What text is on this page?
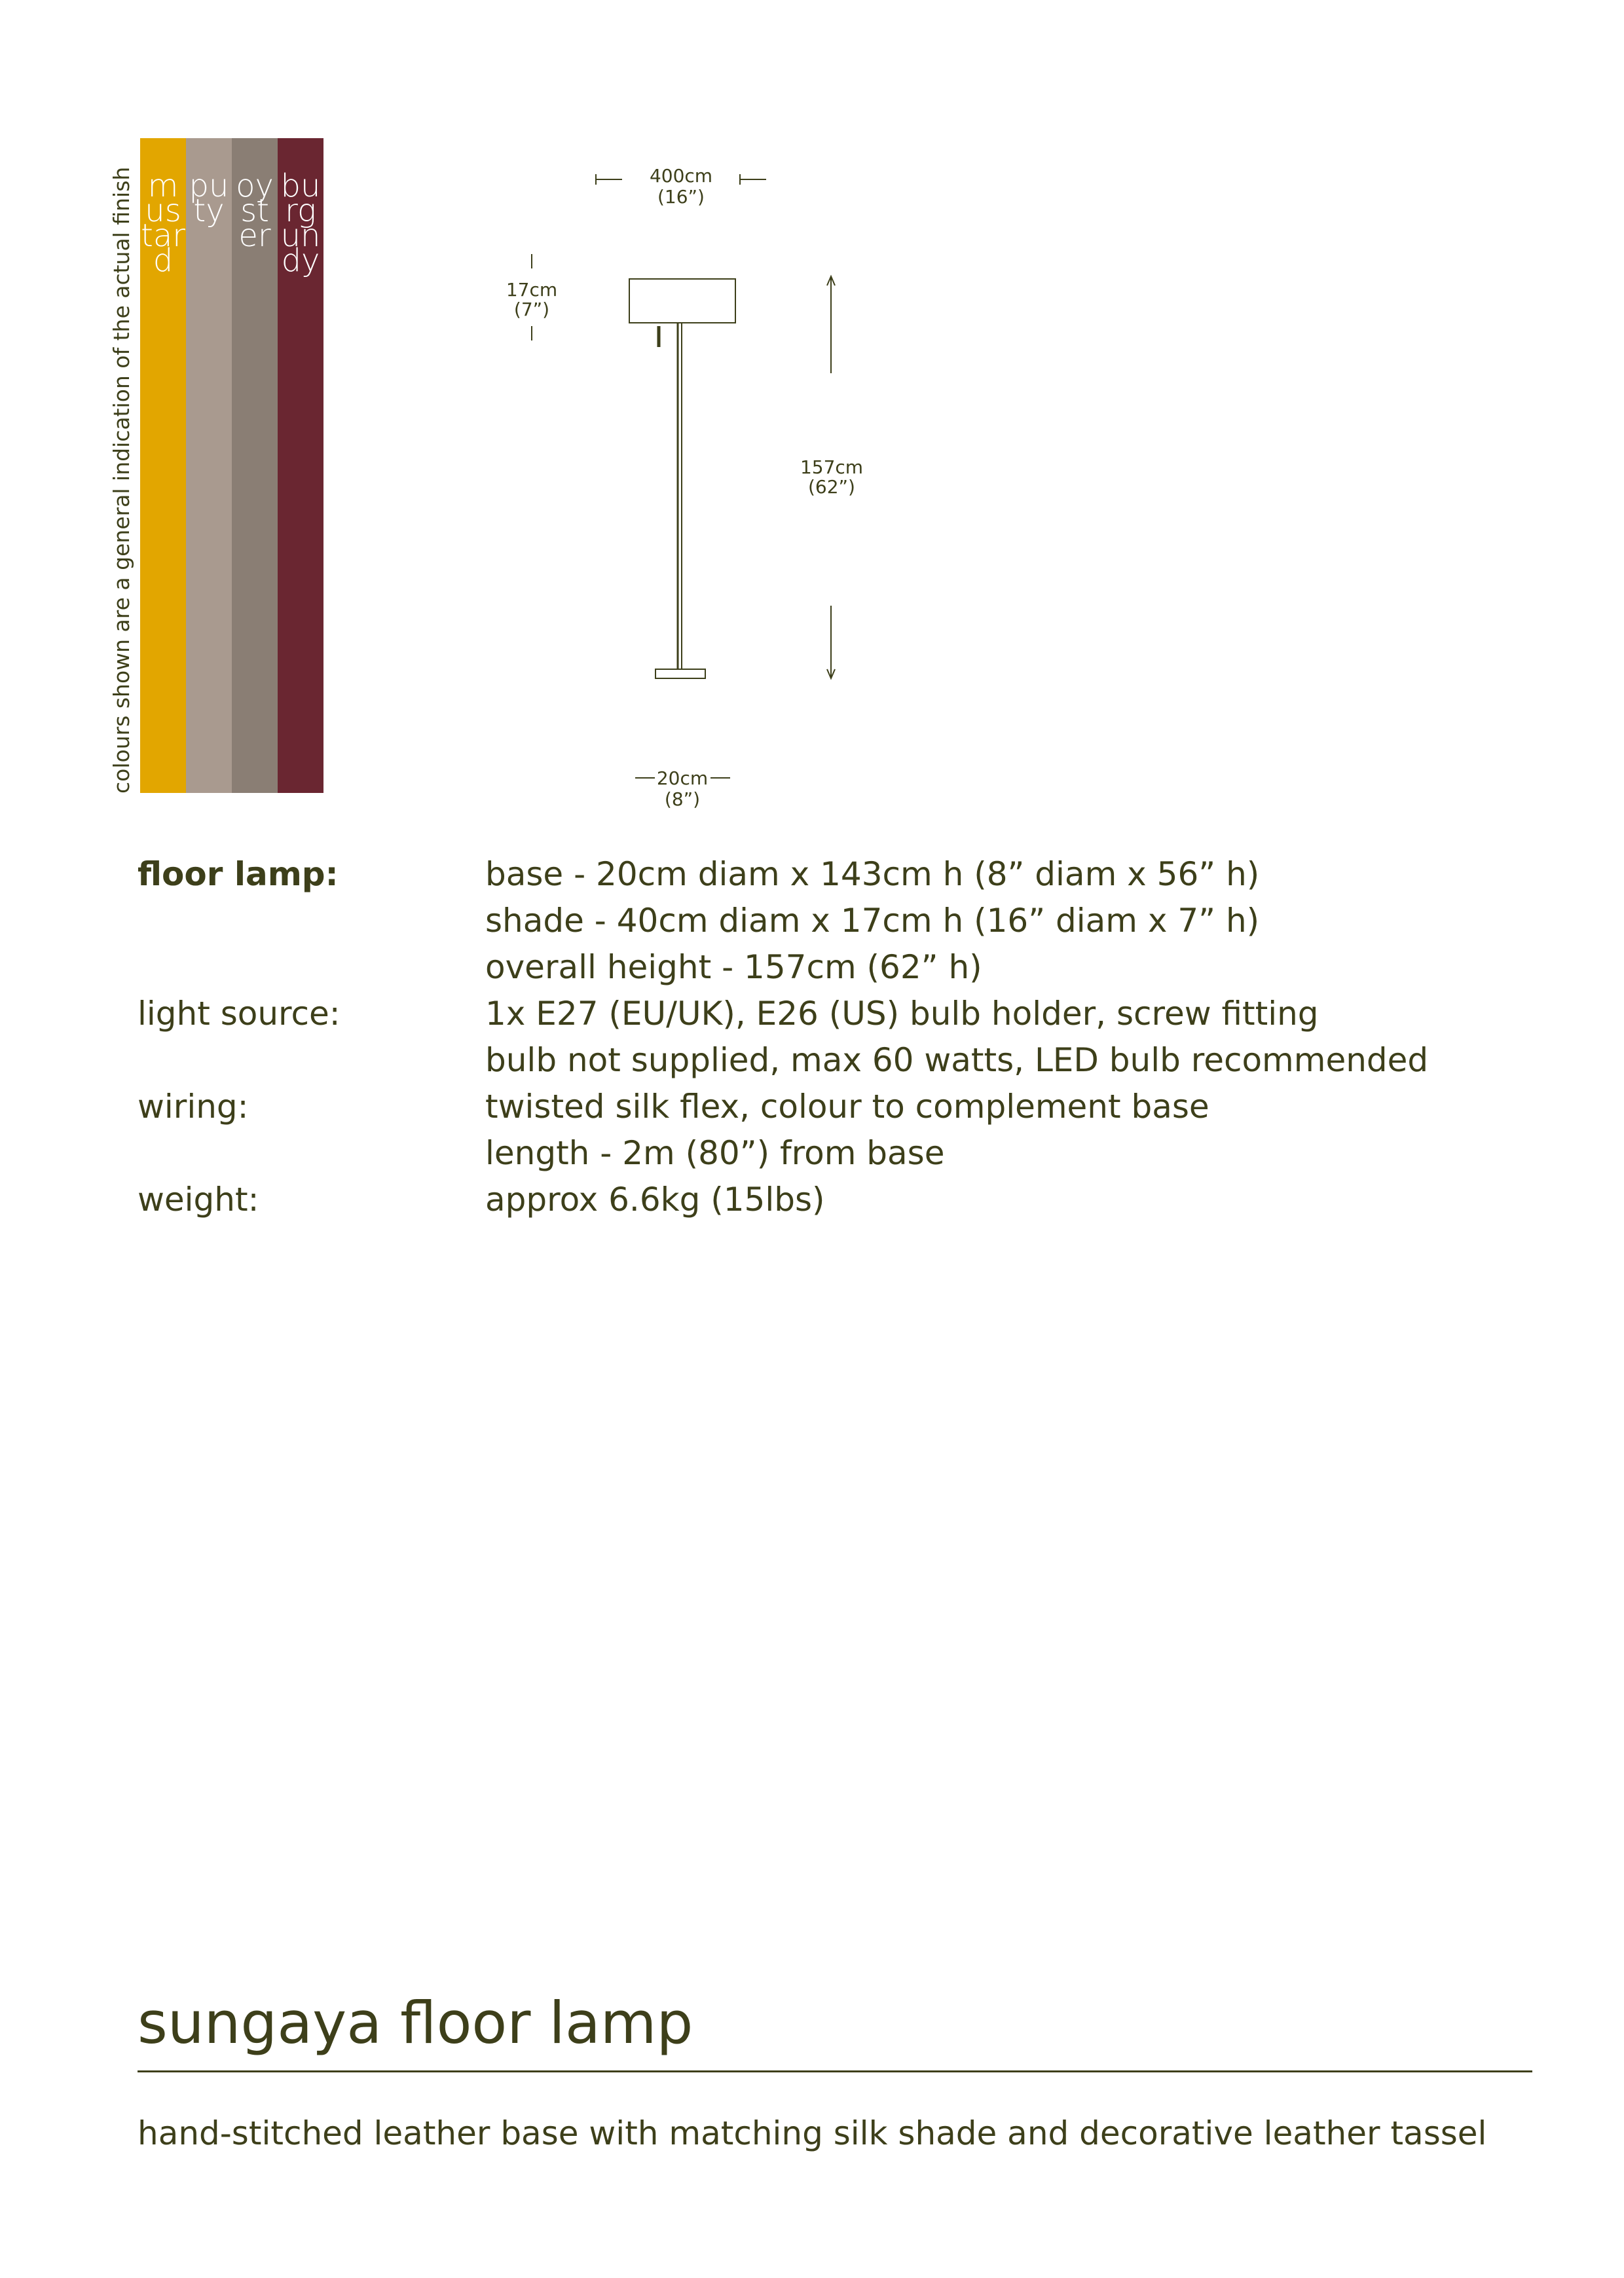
mustard
puty
oyster
burgundy
colours shown are a general indication of the actual finish	400cm
(16”)
17cm
(7”)
157cm
(62”)
20cm
(8”)
floor lamp:	base - 20cm diam x 143cm h (8” diam x 56” h)
shade - 40cm diam x 17cm h (16” diam x 7” h)
overall height - 157cm (62” h)
light source:	1x E27 (EU/UK), E26 (US) bulb holder, screw fitting
bulb not supplied, max 60 watts, LED bulb recommended
wiring:	twisted silk flex, colour to complement base
length - 2m (80”) from base
weight:	approx 6.6kg (15lbs)
sungaya floor lamp
hand-stitched leather base with matching silk shade and decorative leather tassel
